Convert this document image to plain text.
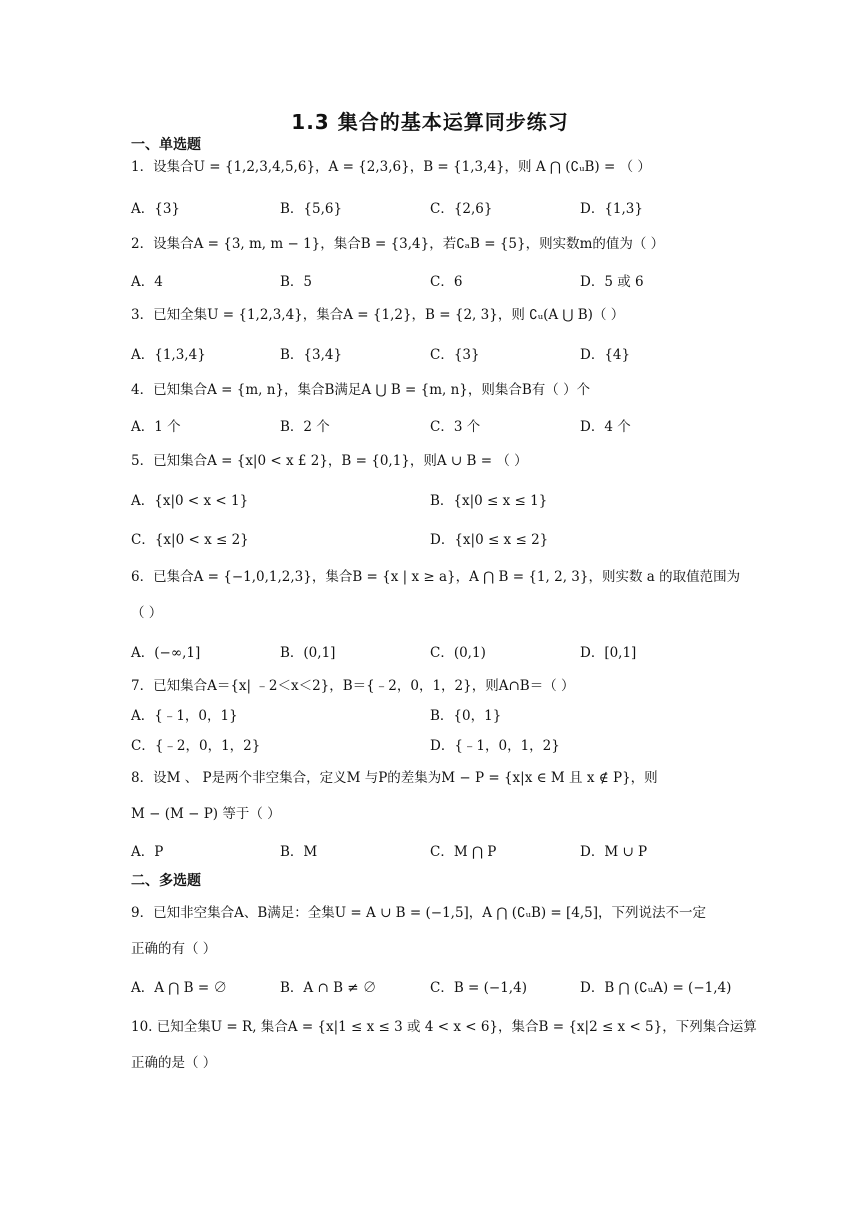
1.3 集合的基本运算同步练习
一、单选题
1．设集合U = {1,2,3,4,5,6}，A = {2,3,6}，B = {1,3,4}，则 A ⋂ (∁ᵤB) = （ ）
A．{3}	B．{5,6}	C．{2,6}	D．{1,3}
2．设集合A = {3, m, m − 1}，集合B = {3,4}，若∁ₐB = {5}，则实数m的值为（ ）
A．4	B．5	C．6	D．5 或 6
3．已知全集U = {1,2,3,4}，集合A = {1,2}，B = {2, 3}，则 ∁ᵤ(A ⋃ B)（ ）
A．{1,3,4}	B．{3,4}	C．{3}	D．{4}
4．已知集合A = {m, n}，集合B满足A ⋃ B = {m, n}，则集合B有（ ）个
A．1 个	B．2 个	C．3 个	D．4 个
5．已知集合A = {x|0 < x £ 2}，B = {0,1}，则A ∪ B = （ ）
A．{x|0 < x < 1}	B．{x|0 ≤ x ≤ 1}
C．{x|0 < x ≤ 2}	D．{x|0 ≤ x ≤ 2}
6．已集合A = {−1,0,1,2,3}，集合B = {x | x ≥ a}，A ⋂ B = {1, 2, 3}，则实数 a 的取值范围为
（ ）
A．(−∞,1]	B．(0,1]	C．(0,1)	D．[0,1]
7．已知集合A＝{x| ﹣2＜x＜2}，B＝{﹣2，0，1，2}，则A∩B＝（ ）
A．{﹣1，0，1}	B．{0，1}
C．{﹣2，0，1，2}	D．{﹣1，0，1，2}
8．设M 、 P是两个非空集合，定义M 与P的差集为M − P = {x|x ∈ M 且 x ∉ P}，则
M − (M − P) 等于（ ）
A．P	B．M	C．M ⋂ P	D．M ∪ P
二、多选题
9．已知非空集合A、B满足：全集U = A ∪ B = (−1,5]，A ⋂ (∁ᵤB) = [4,5]，下列说法不一定
正确的有（ ）
A．A ⋂ B = ∅	B．A ∩ B ≠ ∅	C．B = (−1,4)	D．B ⋂ (∁ᵤA) = (−1,4)
10. 已知全集U = R, 集合A = {x|1 ≤ x ≤ 3 或 4 < x < 6}，集合B = {x|2 ≤ x < 5}，下列集合运算
正确的是（ ）
